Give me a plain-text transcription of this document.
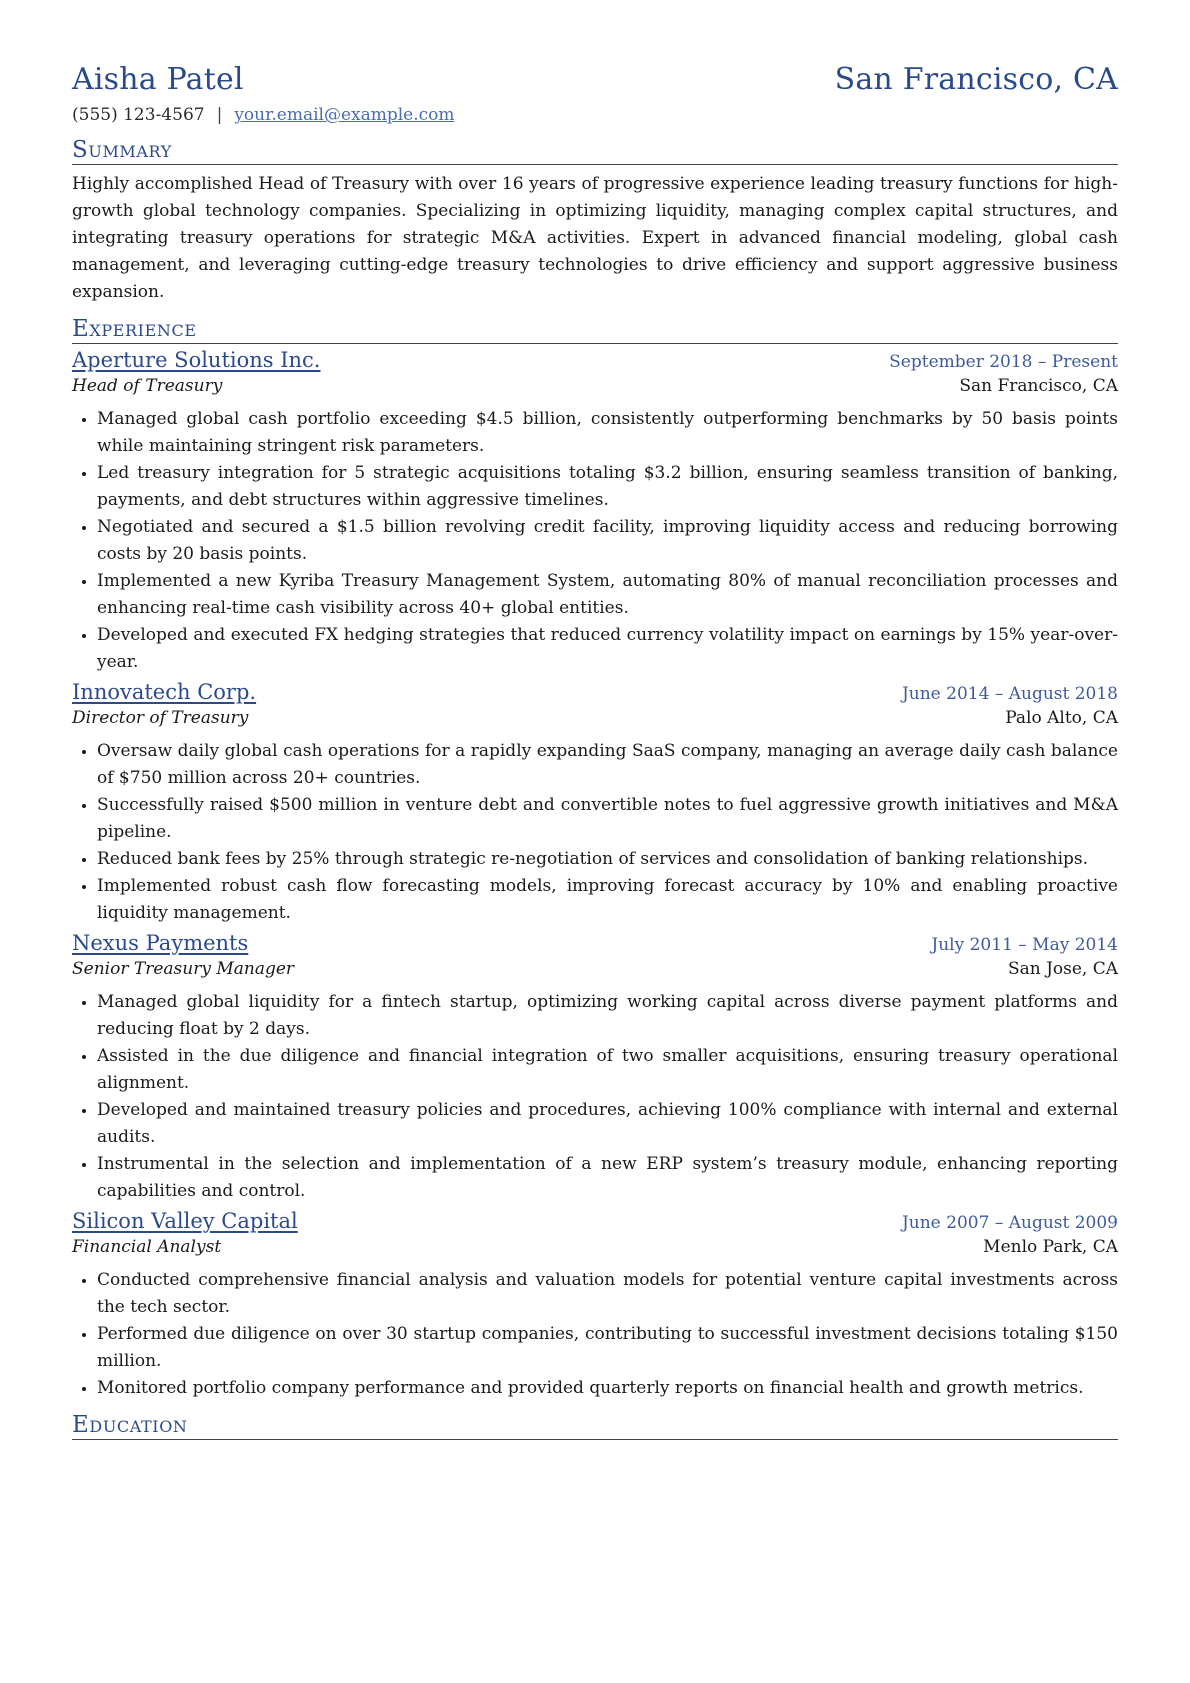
Aisha Patel	San Francisco, CA
(555) 123-4567 | your.email@example.com
Summary

Highly accomplished Head of Treasury with over 16 years of progressive experience leading treasury functions for high-growth global technology companies. Specializing in optimizing liquidity, managing complex capital structures, and integrating treasury operations for strategic M&A activities. Expert in advanced financial modeling, global cash management, and leveraging cutting-edge treasury technologies to drive efficiency and support aggressive business expansion.

Experience
Aperture Solutions Inc.	September 2018 – Present
Head of Treasury	San Francisco, CA
• Managed global cash portfolio exceeding $4.5 billion, consistently outperforming benchmarks by 50 basis points while maintaining stringent risk parameters.
• Led treasury integration for 5 strategic acquisitions totaling $3.2 billion, ensuring seamless transition of banking, payments, and debt structures within aggressive timelines.
• Negotiated and secured a $1.5 billion revolving credit facility, improving liquidity access and reducing borrowing costs by 20 basis points.
• Implemented a new Kyriba Treasury Management System, automating 80% of manual reconciliation processes and enhancing real-time cash visibility across 40+ global entities.
• Developed and executed FX hedging strategies that reduced currency volatility impact on earnings by 15% year-over-year.
Innovatech Corp.	June 2014 – August 2018
Director of Treasury	Palo Alto, CA
• Oversaw daily global cash operations for a rapidly expanding SaaS company, managing an average daily cash balance of $750 million across 20+ countries.
• Successfully raised $500 million in venture debt and convertible notes to fuel aggressive growth initiatives and M&A pipeline.
• Reduced bank fees by 25% through strategic re-negotiation of services and consolidation of banking relationships.
• Implemented robust cash flow forecasting models, improving forecast accuracy by 10% and enabling proactive liquidity management.
Nexus Payments	July 2011 – May 2014
Senior Treasury Manager	San Jose, CA
• Managed global liquidity for a fintech startup, optimizing working capital across diverse payment platforms and reducing float by 2 days.
• Assisted in the due diligence and financial integration of two smaller acquisitions, ensuring treasury operational alignment.
• Developed and maintained treasury policies and procedures, achieving 100% compliance with internal and external audits.
• Instrumental in the selection and implementation of a new ERP system’s treasury module, enhancing reporting capabilities and control.
Silicon Valley Capital	June 2007 – August 2009
Financial Analyst	Menlo Park, CA
• Conducted comprehensive financial analysis and valuation models for potential venture capital investments across the tech sector.
• Performed due diligence on over 30 startup companies, contributing to successful investment decisions totaling $150 million.
• Monitored portfolio company performance and provided quarterly reports on financial health and growth metrics.
Education
